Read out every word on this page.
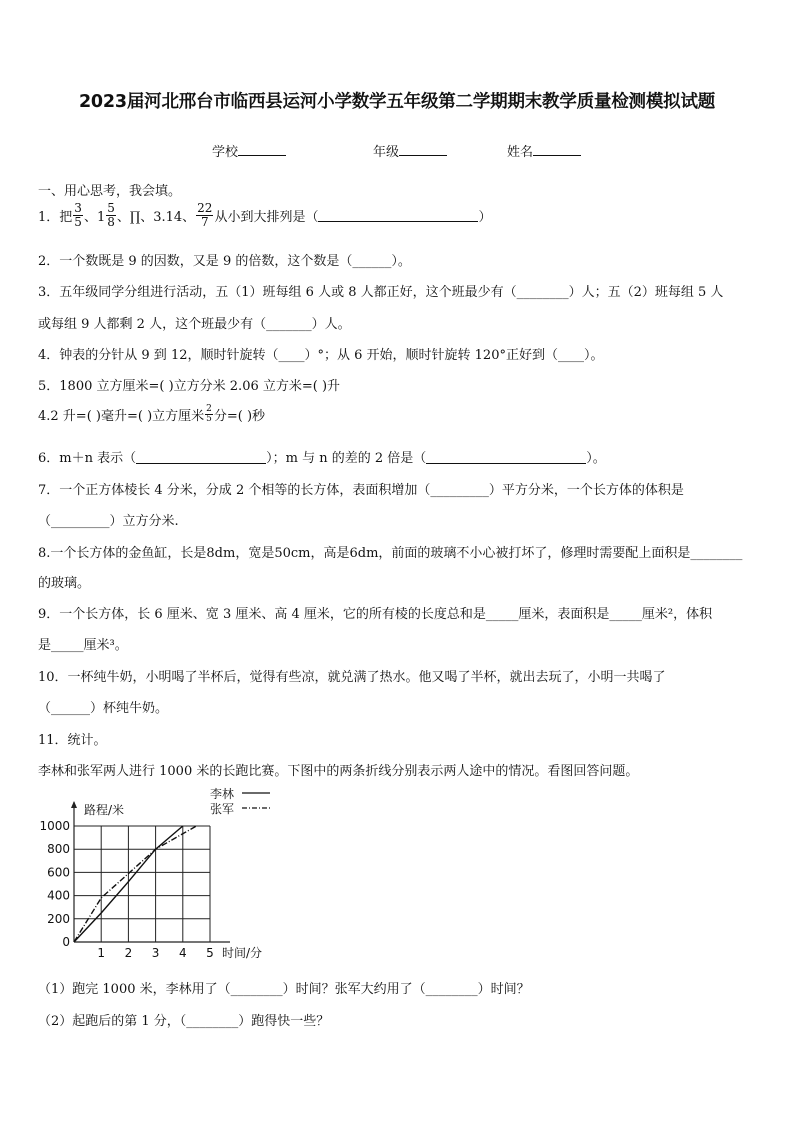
2023届河北邢台市临西县运河小学数学五年级第二学期期末教学质量检测模拟试题
学校	年级	姓名
一、用心思考，我会填。
1． 把 $\frac{3}{5}$ 、$1 \frac{5}{8}$ 、∏、3.14、 $\frac{22}{7}$ 从小到大排列是（	）
2．一个数既是 9 的因数，又是 9 的倍数，这个数是（______）。
3．五年级同学分组进行活动，五（1）班每组 6 人或 8 人都正好，这个班最少有（________）人；五（2）班每组 5 人
或每组 9 人都剩 2 人，这个班最少有（_______）人。
4．钟表的分针从 9 到 12，顺时针旋转（____）°；从 6 开始，顺时针旋转 120°正好到（____）。
5．1800 立方厘米=( )立方分米 2.06 立方米=( )升
4.2 升=( )毫升=( )立方厘米 $\frac{2}{5}$ 分=( )秒
6．m＋n 表示（	）；m 与 n 的差的 2 倍是（	）。
7．一个正方体棱长 4 分米，分成 2 个相等的长方体，表面积增加（_________）平方分米，一个长方体的体积是
（_________）立方分米.
8.一个长方体的金鱼缸，长是8dm，宽是50cm，高是6dm，前面的玻璃不小心被打坏了，修理时需要配上面积是________
的玻璃。
9．一个长方体，长 6 厘米、宽 3 厘米、高 4 厘米，它的所有棱的长度总和是_____厘米，表面积是_____厘米²，体积
是_____厘米³。
10．一杯纯牛奶，小明喝了半杯后，觉得有些凉，就兑满了热水。他又喝了半杯，就出去玩了，小明一共喝了
（______）杯纯牛奶。
11．统计。
李林和张军两人进行 1000 米的长跑比赛。下图中的两条折线分别表示两人途中的情况。看图回答问题。
1 2 3 4 5
0
200
400
600
800
1000
路程/米
时间/分
李林
张军
（1）跑完 1000 米，李林用了（________）时间？张军大约用了（________）时间？
（2）起跑后的第 1 分，（________）跑得快一些？
